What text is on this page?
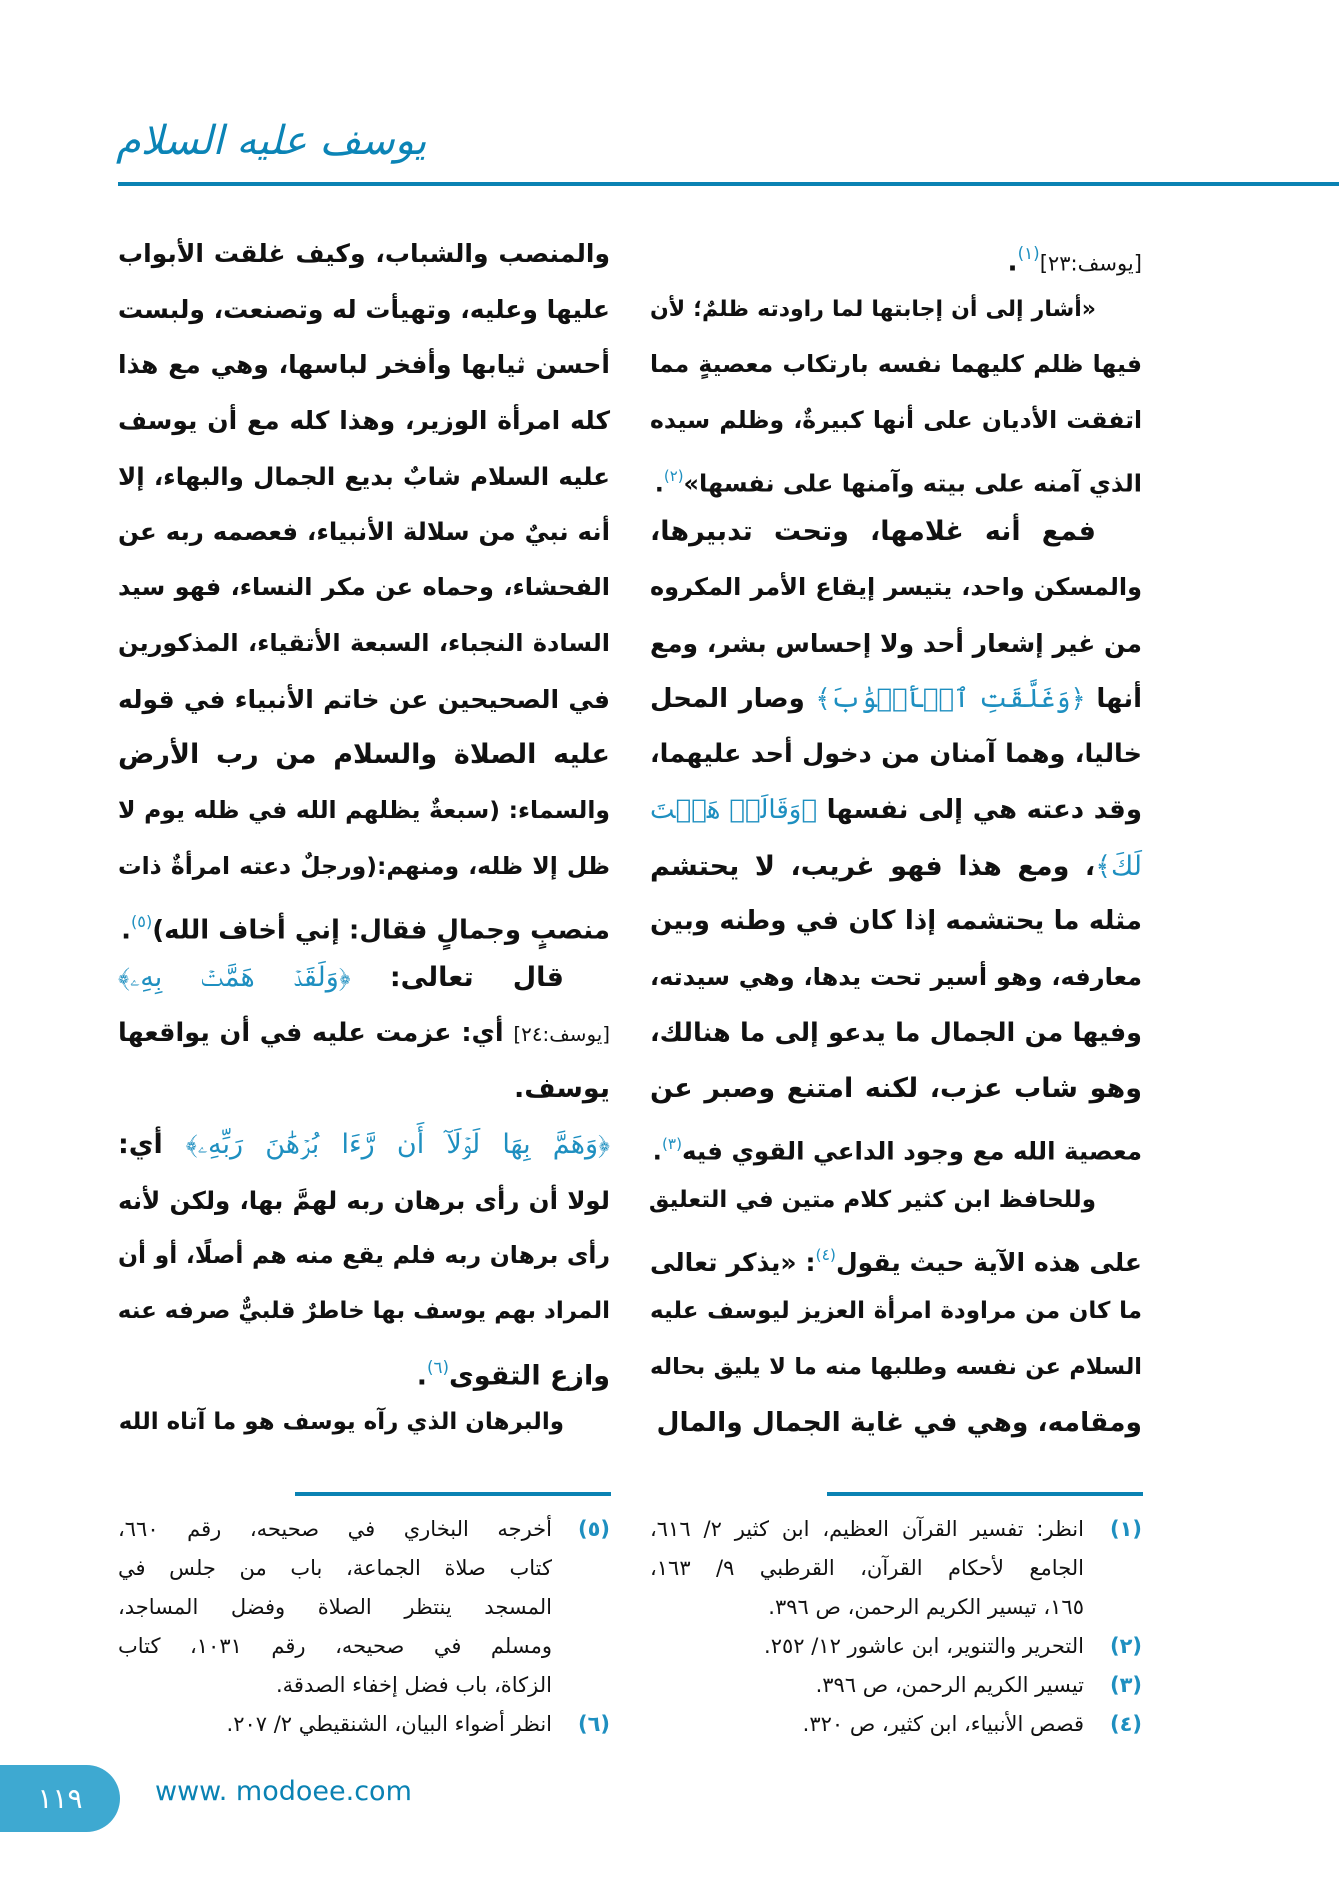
يوسف عليه السلام
[يوسف:٢٣]$^{(١)}$.
«أشار إلى أن إجابتها لما راودته ظلمٌ؛ لأن
فيها ظلم كليهما نفسه بارتكاب معصيةٍ مما
اتفقت الأديان على أنها كبيرةٌ، وظلم سيده
الذي آمنه على بيته وآمنها على نفسها»$^{(٢)}$.
فمع أنه غلامها، وتحت تدبيرها،
والمسكن واحد، يتيسر إيقاع الأمر المكروه
من غير إشعار أحد ولا إحساس بشر، ومع
أنها ﴿وَغَلَّقَتِ ٱلۡأَبۡوَٰبَ﴾ وصار المحل
خاليا، وهما آمنان من دخول أحد عليهما،
وقد دعته هي إلى نفسها ﴿وَقَالَتۡ هَيۡتَ
لَكَ﴾، ومع هذا فهو غريب، لا يحتشم
مثله ما يحتشمه إذا كان في وطنه وبين
معارفه، وهو أسير تحت يدها، وهي سيدته،
وفيها من الجمال ما يدعو إلى ما هنالك،
وهو شاب عزب، لكنه امتنع وصبر عن
معصية الله مع وجود الداعي القوي فيه$^{(٣)}$.
وللحافظ ابن كثير كلام متين في التعليق
على هذه الآية حيث يقول$^{(٤)}$: «يذكر تعالى
ما كان من مراودة امرأة العزيز ليوسف عليه
السلام عن نفسه وطلبها منه ما لا يليق بحاله
ومقامه، وهي في غاية الجمال والمال
والمنصب والشباب، وكيف غلقت الأبواب
عليها وعليه، وتهيأت له وتصنعت، ولبست
أحسن ثيابها وأفخر لباسها، وهي مع هذا
كله امرأة الوزير، وهذا كله مع أن يوسف
عليه السلام شابٌ بديع الجمال والبهاء، إلا
أنه نبيٌ من سلالة الأنبياء، فعصمه ربه عن
الفحشاء، وحماه عن مكر النساء، فهو سيد
السادة النجباء، السبعة الأتقياء، المذكورين
في الصحيحين عن خاتم الأنبياء في قوله
عليه الصلاة والسلام من رب الأرض
والسماء: (سبعةٌ يظلهم الله في ظله يوم لا
ظل إلا ظله، ومنهم:(ورجلٌ دعته امرأةٌ ذات
منصبٍ وجمالٍ فقال: إني أخاف الله)$^{(٥)}$.
قال تعالى: ﴿وَلَقَدۡ هَمَّتۡ بِهِۦ﴾
[يوسف:٢٤] أي: عزمت عليه في أن يواقعها
يوسف.
﴿وَهَمَّ بِهَا لَوۡلَآ أَن رَّءَا بُرۡهَٰنَ رَبِّهِۦ﴾ أي:
لولا أن رأى برهان ربه لهمَّ بها، ولكن لأنه
رأى برهان ربه فلم يقع منه هم أصلًا، أو أن
المراد بهم يوسف بها خاطرٌ قلبيٌّ صرفه عنه
وازع التقوى$^{(٦)}$.
والبرهان الذي رآه يوسف هو ما آتاه الله
(١)
انظر: تفسير القرآن العظيم، ابن كثير ٢/ ٦١٦،
الجامع لأحكام القرآن، القرطبي ٩/ ١٦٣،
١٦٥، تيسير الكريم الرحمن، ص ٣٩٦.
(٢)
التحرير والتنوير، ابن عاشور ١٢/ ٢٥٢.
(٣)
تيسير الكريم الرحمن، ص ٣٩٦.
(٤)
قصص الأنبياء، ابن كثير، ص ٣٢٠.
(٥)
أخرجه البخاري في صحيحه، رقم ٦٦٠،
كتاب صلاة الجماعة، باب من جلس في
المسجد ينتظر الصلاة وفضل المساجد،
ومسلم في صحيحه، رقم ١٠٣١، كتاب
الزكاة، باب فضل إخفاء الصدقة.
(٦)
انظر أضواء البيان، الشنقيطي ٢/ ٢٠٧.
١١٩	www. modoee.com
